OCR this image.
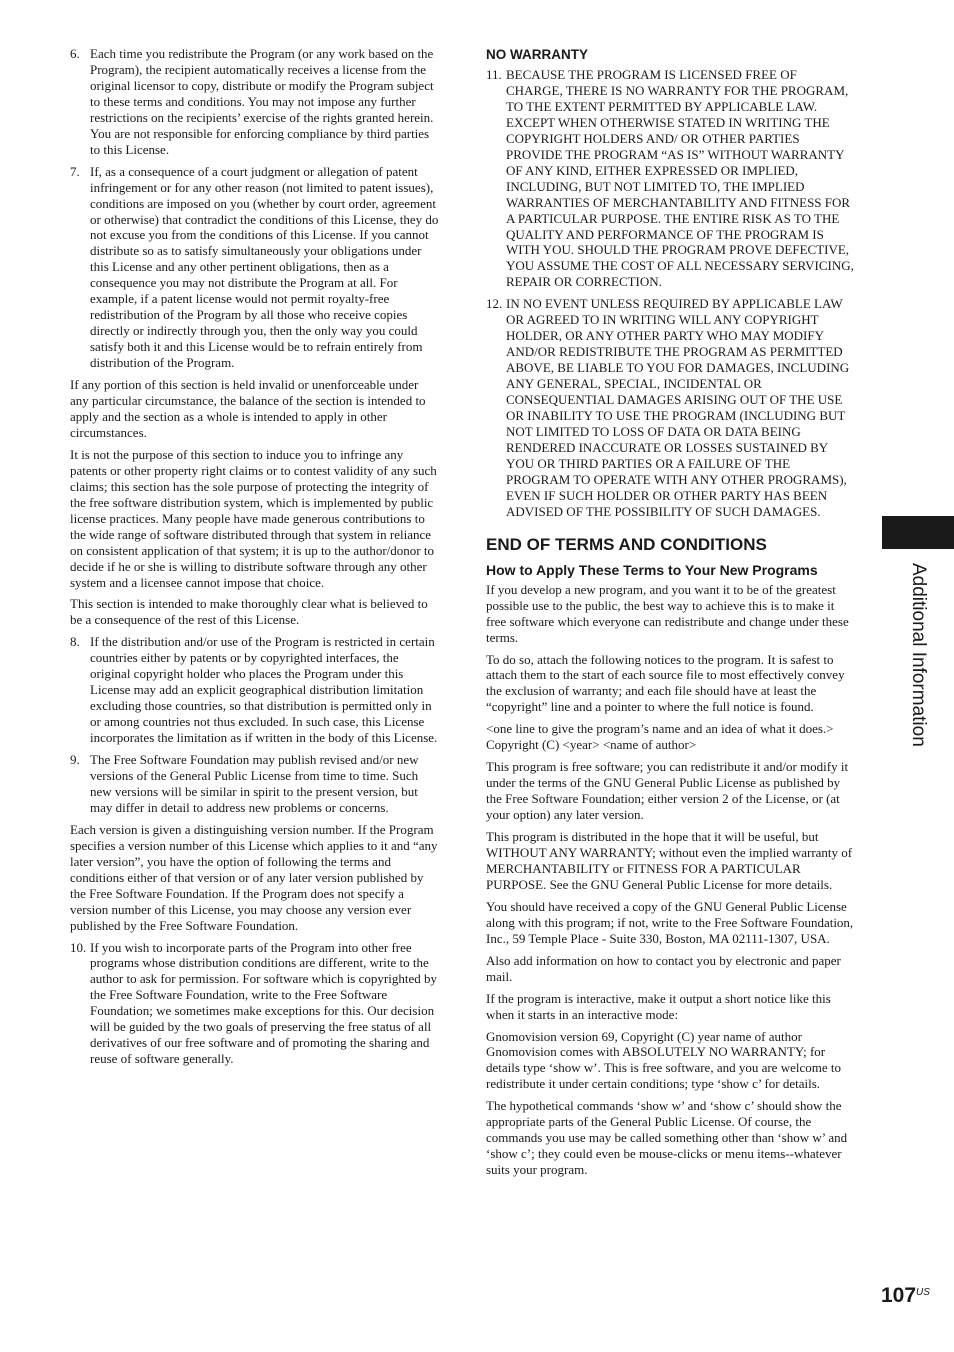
6. Each time you redistribute the Program (or any work based on the Program), the recipient automatically receives a license from the original licensor to copy, distribute or modify the Program subject to these terms and conditions. You may not impose any further restrictions on the recipients’ exercise of the rights granted herein. You are not responsible for enforcing compliance by third parties to this License.
7. If, as a consequence of a court judgment or allegation of patent infringement or for any other reason (not limited to patent issues), conditions are imposed on you (whether by court order, agreement or otherwise) that contradict the conditions of this License, they do not excuse you from the conditions of this License. If you cannot distribute so as to satisfy simultaneously your obligations under this License and any other pertinent obligations, then as a consequence you may not distribute the Program at all. For example, if a patent license would not permit royalty-free redistribution of the Program by all those who receive copies directly or indirectly through you, then the only way you could satisfy both it and this License would be to refrain entirely from distribution of the Program.

If any portion of this section is held invalid or unenforceable under any particular circumstance, the balance of the section is intended to apply and the section as a whole is intended to apply in other circumstances.

It is not the purpose of this section to induce you to infringe any patents or other property right claims or to contest validity of any such claims; this section has the sole purpose of protecting the integrity of the free software distribution system, which is implemented by public license practices. Many people have made generous contributions to the wide range of software distributed through that system in reliance on consistent application of that system; it is up to the author/donor to decide if he or she is willing to distribute software through any other system and a licensee cannot impose that choice.

This section is intended to make thoroughly clear what is believed to be a consequence of the rest of this License.

8. If the distribution and/or use of the Program is restricted in certain countries either by patents or by copyrighted interfaces, the original copyright holder who places the Program under this License may add an explicit geographical distribution limitation excluding those countries, so that distribution is permitted only in or among countries not thus excluded. In such case, this License incorporates the limitation as if written in the body of this License.
9. The Free Software Foundation may publish revised and/or new versions of the General Public License from time to time. Such new versions will be similar in spirit to the present version, but may differ in detail to address new problems or concerns.

Each version is given a distinguishing version number. If the Program specifies a version number of this License which applies to it and “any later version”, you have the option of following the terms and conditions either of that version or of any later version published by the Free Software Foundation. If the Program does not specify a version number of this License, you may choose any version ever published by the Free Software Foundation.

10. If you wish to incorporate parts of the Program into other free programs whose distribution conditions are different, write to the author to ask for permission. For software which is copyrighted by the Free Software Foundation, write to the Free Software Foundation; we sometimes make exceptions for this. Our decision will be guided by the two goals of preserving the free status of all derivatives of our free software and of promoting the sharing and reuse of software generally.
NO WARRANTY
11. BECAUSE THE PROGRAM IS LICENSED FREE OF CHARGE, THERE IS NO WARRANTY FOR THE PROGRAM, TO THE EXTENT PERMITTED BY APPLICABLE LAW. EXCEPT WHEN OTHERWISE STATED IN WRITING THE COPYRIGHT HOLDERS AND/ OR OTHER PARTIES PROVIDE THE PROGRAM “AS IS” WITHOUT WARRANTY OF ANY KIND, EITHER EXPRESSED OR IMPLIED, INCLUDING, BUT NOT LIMITED TO, THE IMPLIED WARRANTIES OF MERCHANTABILITY AND FITNESS FOR A PARTICULAR PURPOSE. THE ENTIRE RISK AS TO THE QUALITY AND PERFORMANCE OF THE PROGRAM IS WITH YOU. SHOULD THE PROGRAM PROVE DEFECTIVE, YOU ASSUME THE COST OF ALL NECESSARY SERVICING, REPAIR OR CORRECTION.
12. IN NO EVENT UNLESS REQUIRED BY APPLICABLE LAW OR AGREED TO IN WRITING WILL ANY COPYRIGHT HOLDER, OR ANY OTHER PARTY WHO MAY MODIFY AND/OR REDISTRIBUTE THE PROGRAM AS PERMITTED ABOVE, BE LIABLE TO YOU FOR DAMAGES, INCLUDING ANY GENERAL, SPECIAL, INCIDENTAL OR CONSEQUENTIAL DAMAGES ARISING OUT OF THE USE OR INABILITY TO USE THE PROGRAM (INCLUDING BUT NOT LIMITED TO LOSS OF DATA OR DATA BEING RENDERED INACCURATE OR LOSSES SUSTAINED BY YOU OR THIRD PARTIES OR A FAILURE OF THE PROGRAM TO OPERATE WITH ANY OTHER PROGRAMS), EVEN IF SUCH HOLDER OR OTHER PARTY HAS BEEN ADVISED OF THE POSSIBILITY OF SUCH DAMAGES.
END OF TERMS AND CONDITIONS
How to Apply These Terms to Your New Programs

If you develop a new program, and you want it to be of the greatest possible use to the public, the best way to achieve this is to make it free software which everyone can redistribute and change under these terms.

To do so, attach the following notices to the program. It is safest to attach them to the start of each source file to most effectively convey the exclusion of warranty; and each file should have at least the “copyright” line and a pointer to where the full notice is found.

<one line to give the program’s name and an idea of what it does.> Copyright (C) <year> <name of author>

This program is free software; you can redistribute it and/or modify it under the terms of the GNU General Public License as published by the Free Software Foundation; either version 2 of the License, or (at your option) any later version.

This program is distributed in the hope that it will be useful, but WITHOUT ANY WARRANTY; without even the implied warranty of MERCHANTABILITY or FITNESS FOR A PARTICULAR PURPOSE. See the GNU General Public License for more details.

You should have received a copy of the GNU General Public License along with this program; if not, write to the Free Software Foundation, Inc., 59 Temple Place - Suite 330, Boston, MA 02111-1307, USA.

Also add information on how to contact you by electronic and paper mail.

If the program is interactive, make it output a short notice like this when it starts in an interactive mode:

Gnomovision version 69, Copyright (C) year name of author Gnomovision comes with ABSOLUTELY NO WARRANTY; for details type ‘show w’. This is free software, and you are welcome to redistribute it under certain conditions; type ‘show c’ for details.

The hypothetical commands ‘show w’ and ‘show c’ should show the appropriate parts of the General Public License. Of course, the commands you use may be called something other than ‘show w’ and ‘show c’; they could even be mouse-clicks or menu items--whatever suits your program.

Additional Information
107 US
